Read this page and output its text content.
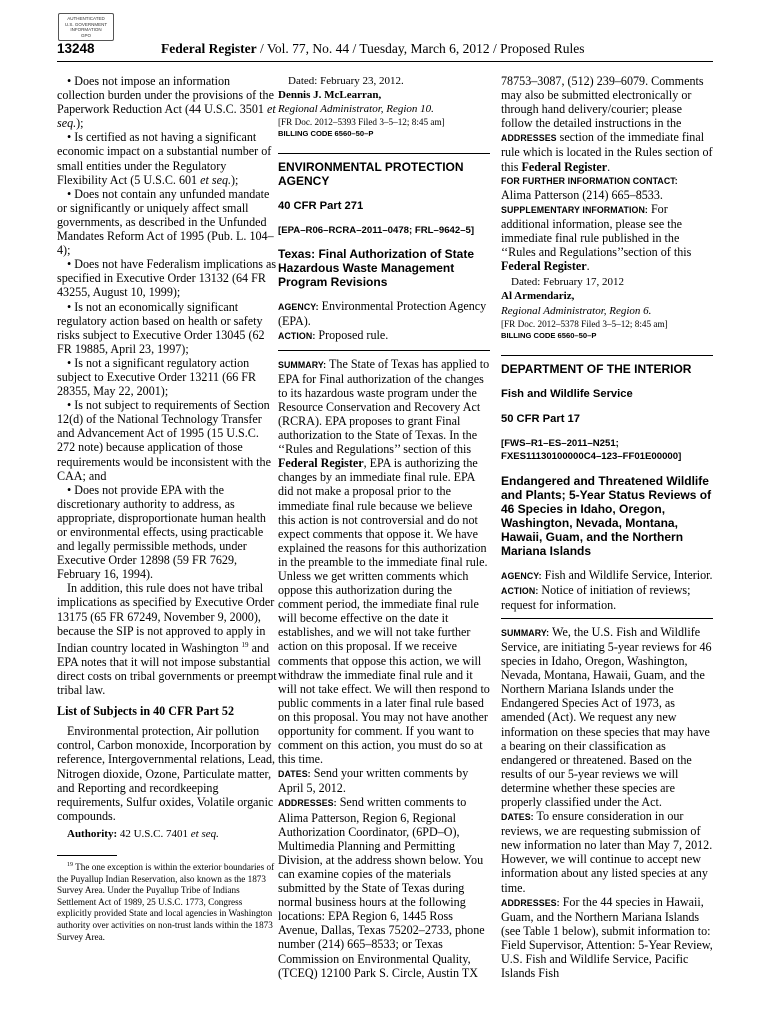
AUTHENTICATED
U.S. GOVERNMENT
INFORMATION
GPO
13248	Federal Register / Vol. 77, No. 44 / Tuesday, March 6, 2012 / Proposed Rules

• Does not impose an information collection burden under the provisions of the Paperwork Reduction Act (44 U.S.C. 3501 et seq.);

• Is certified as not having a significant economic impact on a substantial number of small entities under the Regulatory Flexibility Act (5 U.S.C. 601 et seq.);

• Does not contain any unfunded mandate or significantly or uniquely affect small governments, as described in the Unfunded Mandates Reform Act of 1995 (Pub. L. 104–4);

• Does not have Federalism implications as specified in Executive Order 13132 (64 FR 43255, August 10, 1999);

• Is not an economically significant regulatory action based on health or safety risks subject to Executive Order 13045 (62 FR 19885, April 23, 1997);

• Is not a significant regulatory action subject to Executive Order 13211 (66 FR 28355, May 22, 2001);

• Is not subject to requirements of Section 12(d) of the National Technology Transfer and Advancement Act of 1995 (15 U.S.C. 272 note) because application of those requirements would be inconsistent with the CAA; and

• Does not provide EPA with the discretionary authority to address, as appropriate, disproportionate human health or environmental effects, using practicable and legally permissible methods, under Executive Order 12898 (59 FR 7629, February 16, 1994).

In addition, this rule does not have tribal implications as specified by Executive Order 13175 (65 FR 67249, November 9, 2000), because the SIP is not approved to apply in Indian country located in Washington $^{19}$ and EPA notes that it will not impose substantial direct costs on tribal governments or preempt tribal law.

List of Subjects in 40 CFR Part 52

Environmental protection, Air pollution control, Carbon monoxide, Incorporation by reference, Intergovernmental relations, Lead, Nitrogen dioxide, Ozone, Particulate matter, and Reporting and recordkeeping requirements, Sulfur oxides, Volatile organic compounds.

Authority: 42 U.S.C. 7401 et seq.

$^{19}$ The one exception is within the exterior boundaries of the Puyallup Indian Reservation, also known as the 1873 Survey Area. Under the Puyallup Tribe of Indians Settlement Act of 1989, 25 U.S.C. 1773, Congress explicitly provided State and local agencies in Washington authority over activities on non-trust lands within the 1873 Survey Area.

Dated: February 23, 2012.

Dennis J. McLearran,

Regional Administrator, Region 10.

[FR Doc. 2012–5393 Filed 3–5–12; 8:45 am]

BILLING CODE 6560–50–P

ENVIRONMENTAL PROTECTION AGENCY

40 CFR Part 271

[EPA–R06–RCRA–2011–0478; FRL–9642–5]

Texas: Final Authorization of State Hazardous Waste Management Program Revisions

AGENCY: Environmental Protection Agency (EPA).

ACTION: Proposed rule.

SUMMARY: The State of Texas has applied to EPA for Final authorization of the changes to its hazardous waste program under the Resource Conservation and Recovery Act (RCRA). EPA proposes to grant Final authorization to the State of Texas. In the ‘‘Rules and Regulations’’ section of this Federal Register, EPA is authorizing the changes by an immediate final rule. EPA did not make a proposal prior to the immediate final rule because we believe this action is not controversial and do not expect comments that oppose it. We have explained the reasons for this authorization in the preamble to the immediate final rule. Unless we get written comments which oppose this authorization during the comment period, the immediate final rule will become effective on the date it establishes, and we will not take further action on this proposal. If we receive comments that oppose this action, we will withdraw the immediate final rule and it will not take effect. We will then respond to public comments in a later final rule based on this proposal. You may not have another opportunity for comment. If you want to comment on this action, you must do so at this time.

DATES: Send your written comments by April 5, 2012.

ADDRESSES: Send written comments to Alima Patterson, Region 6, Regional Authorization Coordinator, (6PD–O), Multimedia Planning and Permitting Division, at the address shown below. You can examine copies of the materials submitted by the State of Texas during normal business hours at the following locations: EPA Region 6, 1445 Ross Avenue, Dallas, Texas 75202–2733, phone number (214) 665–8533; or Texas Commission on Environmental Quality, (TCEQ) 12100 Park S. Circle, Austin TX

78753–3087, (512) 239–6079. Comments may also be submitted electronically or through hand delivery/courier; please follow the detailed instructions in the ADDRESSES section of the immediate final rule which is located in the Rules section of this Federal Register.

FOR FURTHER INFORMATION CONTACT:

Alima Patterson (214) 665–8533.

SUPPLEMENTARY INFORMATION: For additional information, please see the immediate final rule published in the ‘‘Rules and Regulations’’section of this Federal Register.

Dated: February 17, 2012

Al Armendariz,

Regional Administrator, Region 6.

[FR Doc. 2012–5378 Filed 3–5–12; 8:45 am]

BILLING CODE 6560–50–P

DEPARTMENT OF THE INTERIOR

Fish and Wildlife Service

50 CFR Part 17

[FWS–R1–ES–2011–N251; FXES11130100000C4–123–FF01E00000]

Endangered and Threatened Wildlife and Plants; 5-Year Status Reviews of 46 Species in Idaho, Oregon, Washington, Nevada, Montana, Hawaii, Guam, and the Northern Mariana Islands

AGENCY: Fish and Wildlife Service, Interior.

ACTION: Notice of initiation of reviews; request for information.

SUMMARY: We, the U.S. Fish and Wildlife Service, are initiating 5-year reviews for 46 species in Idaho, Oregon, Washington, Nevada, Montana, Hawaii, Guam, and the Northern Mariana Islands under the Endangered Species Act of 1973, as amended (Act). We request any new information on these species that may have a bearing on their classification as endangered or threatened. Based on the results of our 5-year reviews we will determine whether these species are properly classified under the Act.

DATES: To ensure consideration in our reviews, we are requesting submission of new information no later than May 7, 2012. However, we will continue to accept new information about any listed species at any time.

ADDRESSES: For the 44 species in Hawaii, Guam, and the Northern Mariana Islands (see Table 1 below), submit information to: Field Supervisor, Attention: 5-Year Review, U.S. Fish and Wildlife Service, Pacific Islands Fish
